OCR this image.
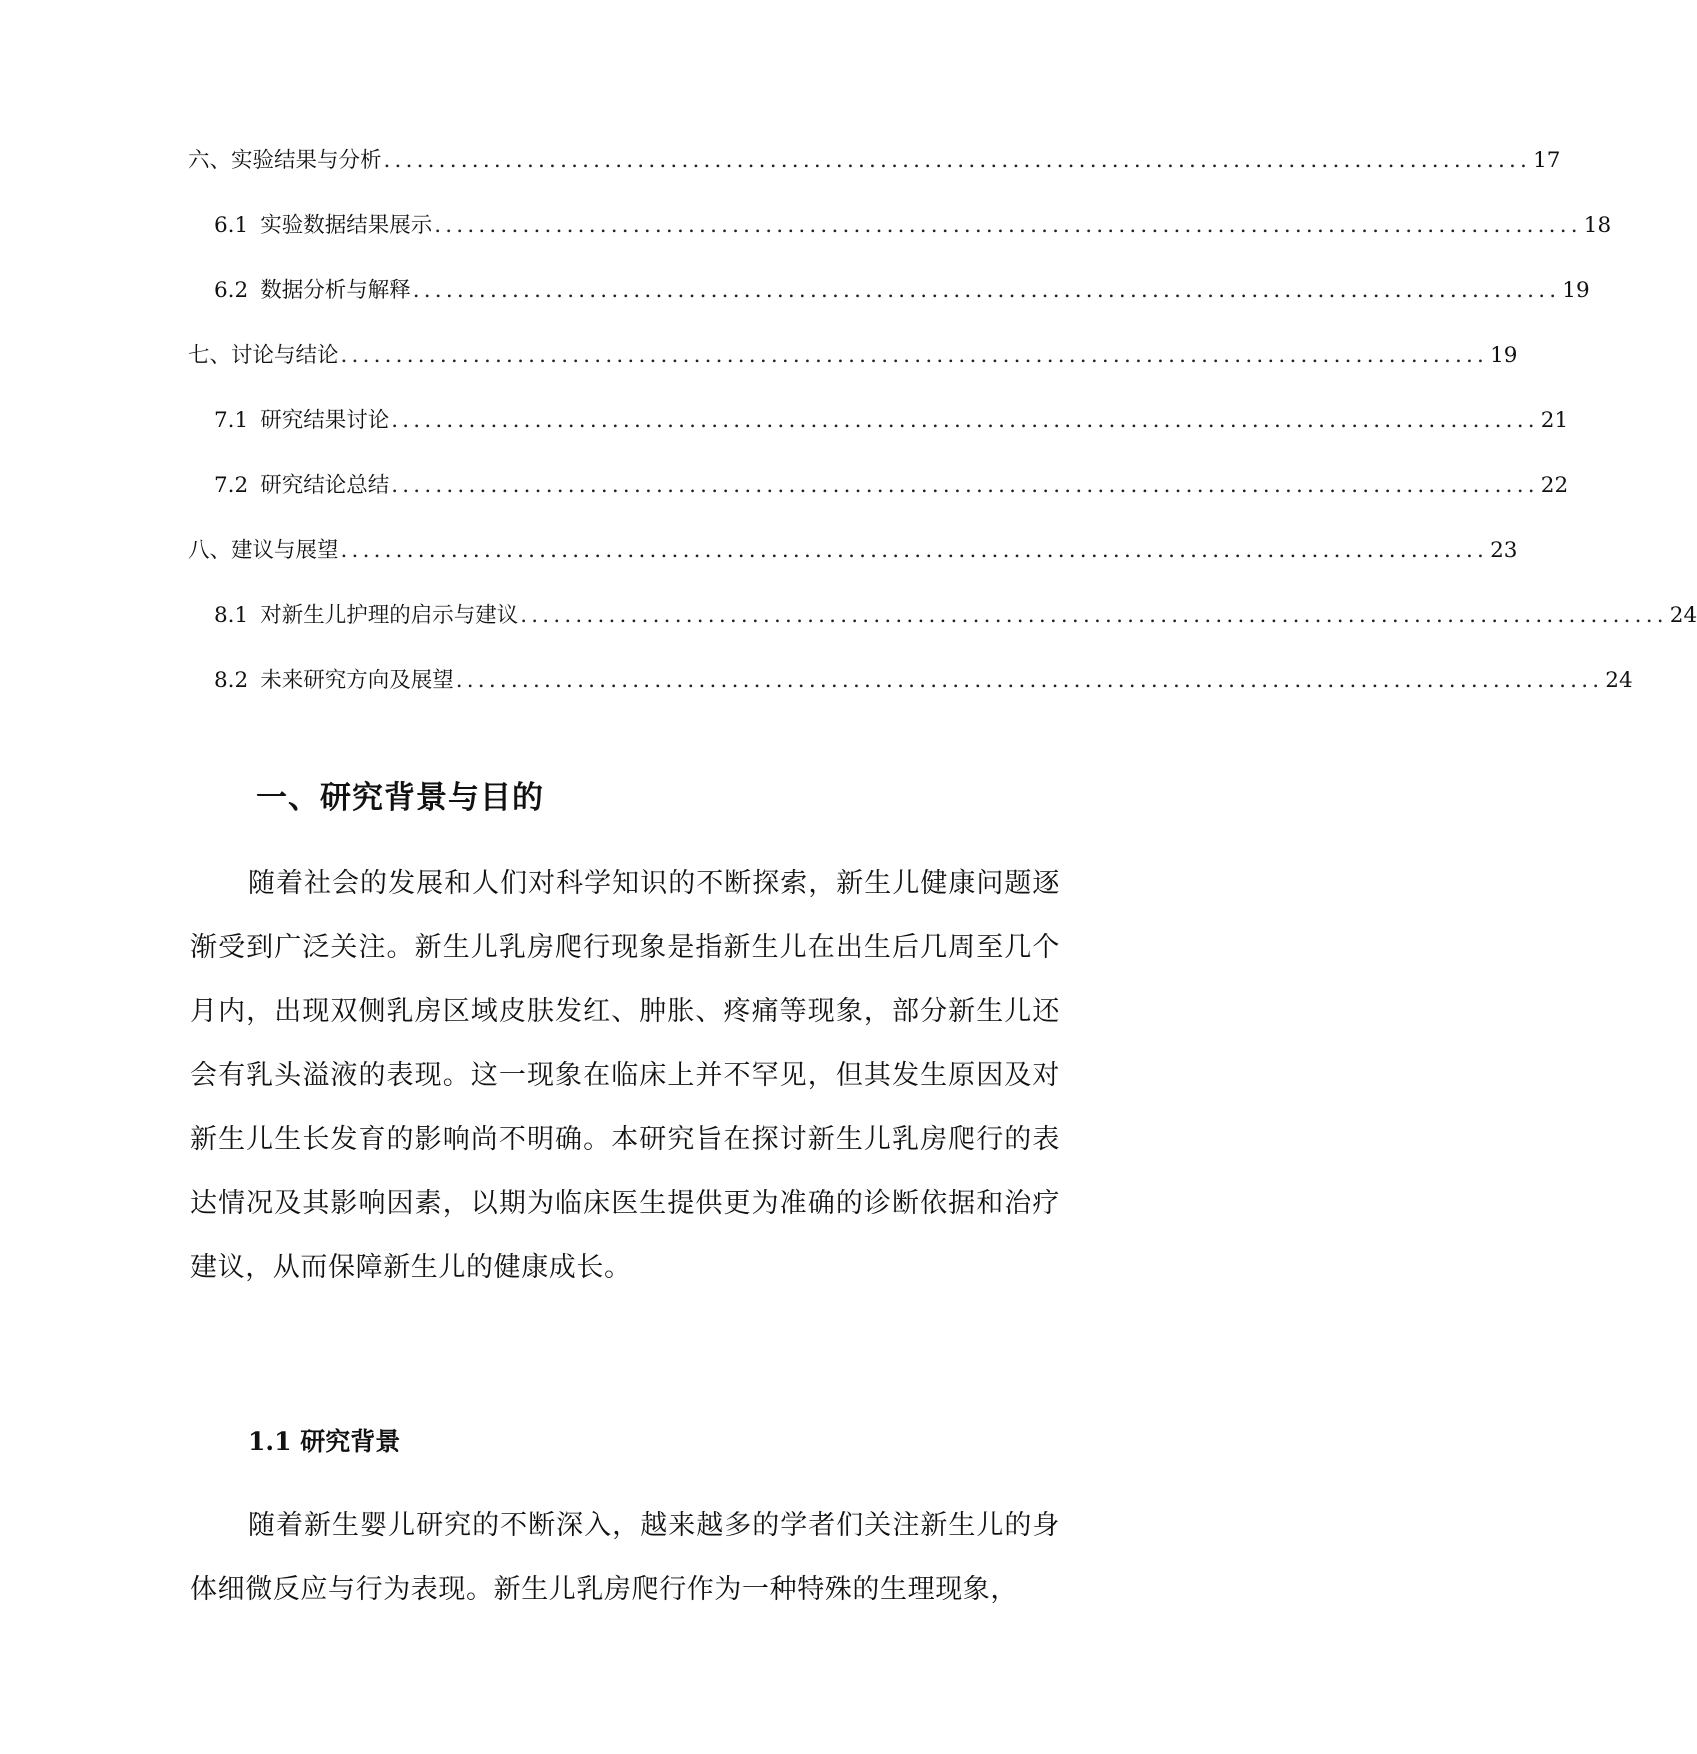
六、实验结果与分析 ........................................................................................................ 17
6.1 实验数据结果展示 ........................................................................................................ 18
6.2 数据分析与解释 ........................................................................................................ 19
七、讨论与结论 ........................................................................................................ 19
7.1 研究结果讨论 ........................................................................................................ 21
7.2 研究结论总结 ........................................................................................................ 22
八、建议与展望 ........................................................................................................ 23
8.1 对新生儿护理的启示与建议 ........................................................................................................ 24
8.2 未来研究方向及展望 ........................................................................................................ 24
一、研究背景与目的
随着社会的发展和人们对科学知识的不断探索，新生儿健康问题逐渐受到广泛关注。新生儿乳房爬行现象是指新生儿在出生后几周至几个月内，出现双侧乳房区域皮肤发红、肿胀、疼痛等现象，部分新生儿还会有乳头溢液的表现。这一现象在临床上并不罕见，但其发生原因及对新生儿生长发育的影响尚不明确。本研究旨在探讨新生儿乳房爬行的表达情况及其影响因素，以期为临床医生提供更为准确的诊断依据和治疗建议，从而保障新生儿的健康成长。
1.1 研究背景
随着新生婴儿研究的不断深入，越来越多的学者们关注新生儿的身体细微反应与行为表现。新生儿乳房爬行作为一种特殊的生理现象，
